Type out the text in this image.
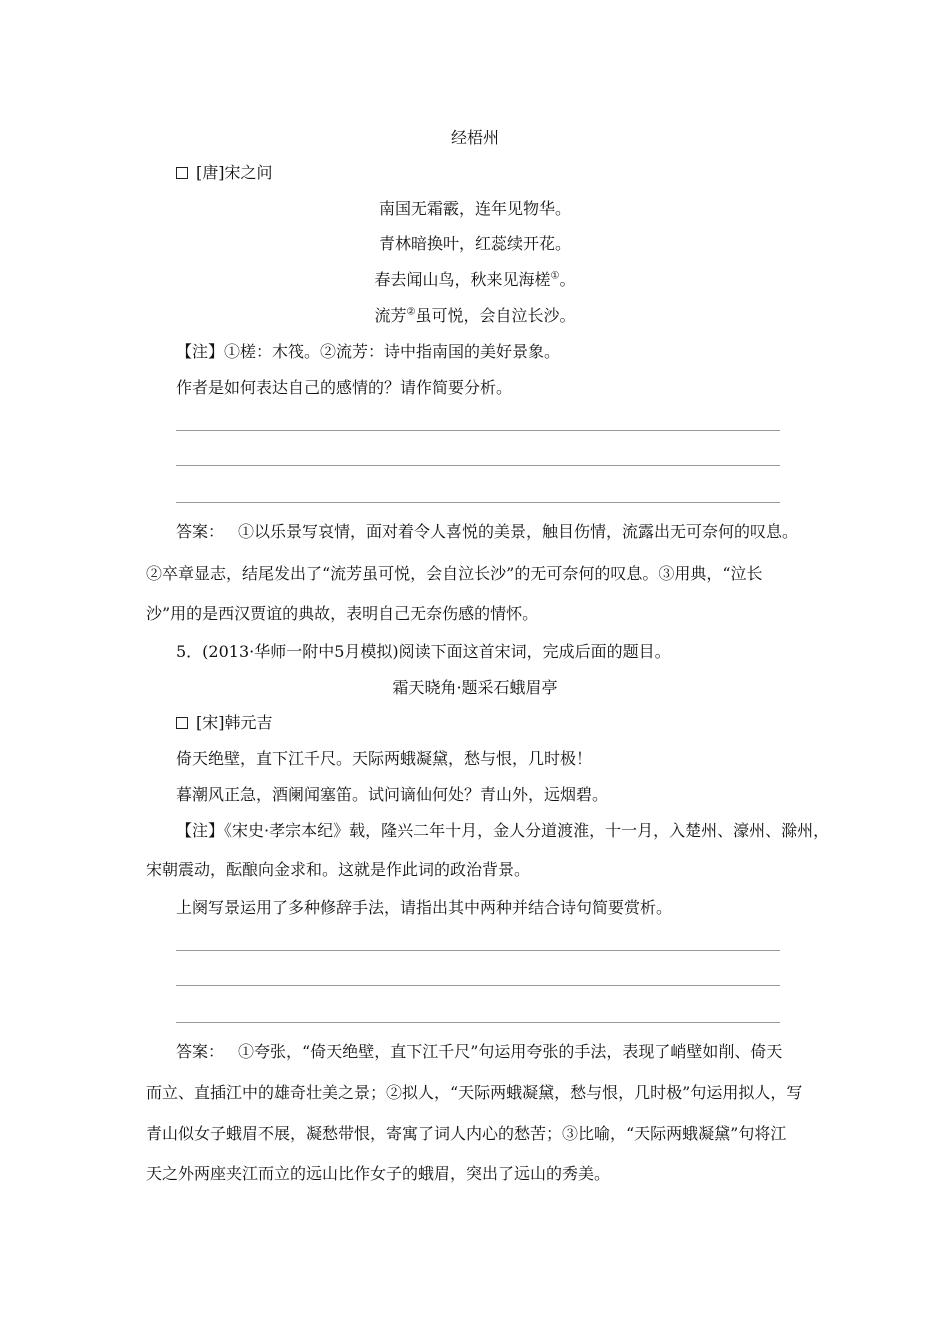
经梧州
[唐]宋之问
南国无霜霰，连年见物华。
青林暗换叶，红蕊续开花。
春去闻山鸟，秋来见海槎①。
流芳②虽可悦，会自泣长沙。
【注】①槎：木筏。②流芳：诗中指南国的美好景象。
作者是如何表达自己的感情的？请作简要分析。
答案： ①以乐景写哀情，面对着令人喜悦的美景，触目伤情，流露出无可奈何的叹息。
②卒章显志，结尾发出了“流芳虽可悦，会自泣长沙”的无可奈何的叹息。③用典，“泣长
沙”用的是西汉贾谊的典故，表明自己无奈伤感的情怀。
5．(2013·华师一附中5月模拟)阅读下面这首宋词，完成后面的题目。
霜天晓角·题采石蛾眉亭
[宋]韩元吉
倚天绝壁，直下江千尺。天际两蛾凝黛，愁与恨，几时极！
暮潮风正急，酒阑闻塞笛。试问谪仙何处？青山外，远烟碧。
【注】《宋史·孝宗本纪》载，隆兴二年十月，金人分道渡淮，十一月，入楚州、濠州、滁州，
宋朝震动，酝酿向金求和。这就是作此词的政治背景。
上阕写景运用了多种修辞手法，请指出其中两种并结合诗句简要赏析。
答案： ①夸张，“倚天绝壁，直下江千尺”句运用夸张的手法，表现了峭壁如削、倚天
而立、直插江中的雄奇壮美之景；②拟人，“天际两蛾凝黛，愁与恨，几时极”句运用拟人，写
青山似女子蛾眉不展，凝愁带恨，寄寓了词人内心的愁苦；③比喻，“天际两蛾凝黛”句将江
天之外两座夹江而立的远山比作女子的蛾眉，突出了远山的秀美。
